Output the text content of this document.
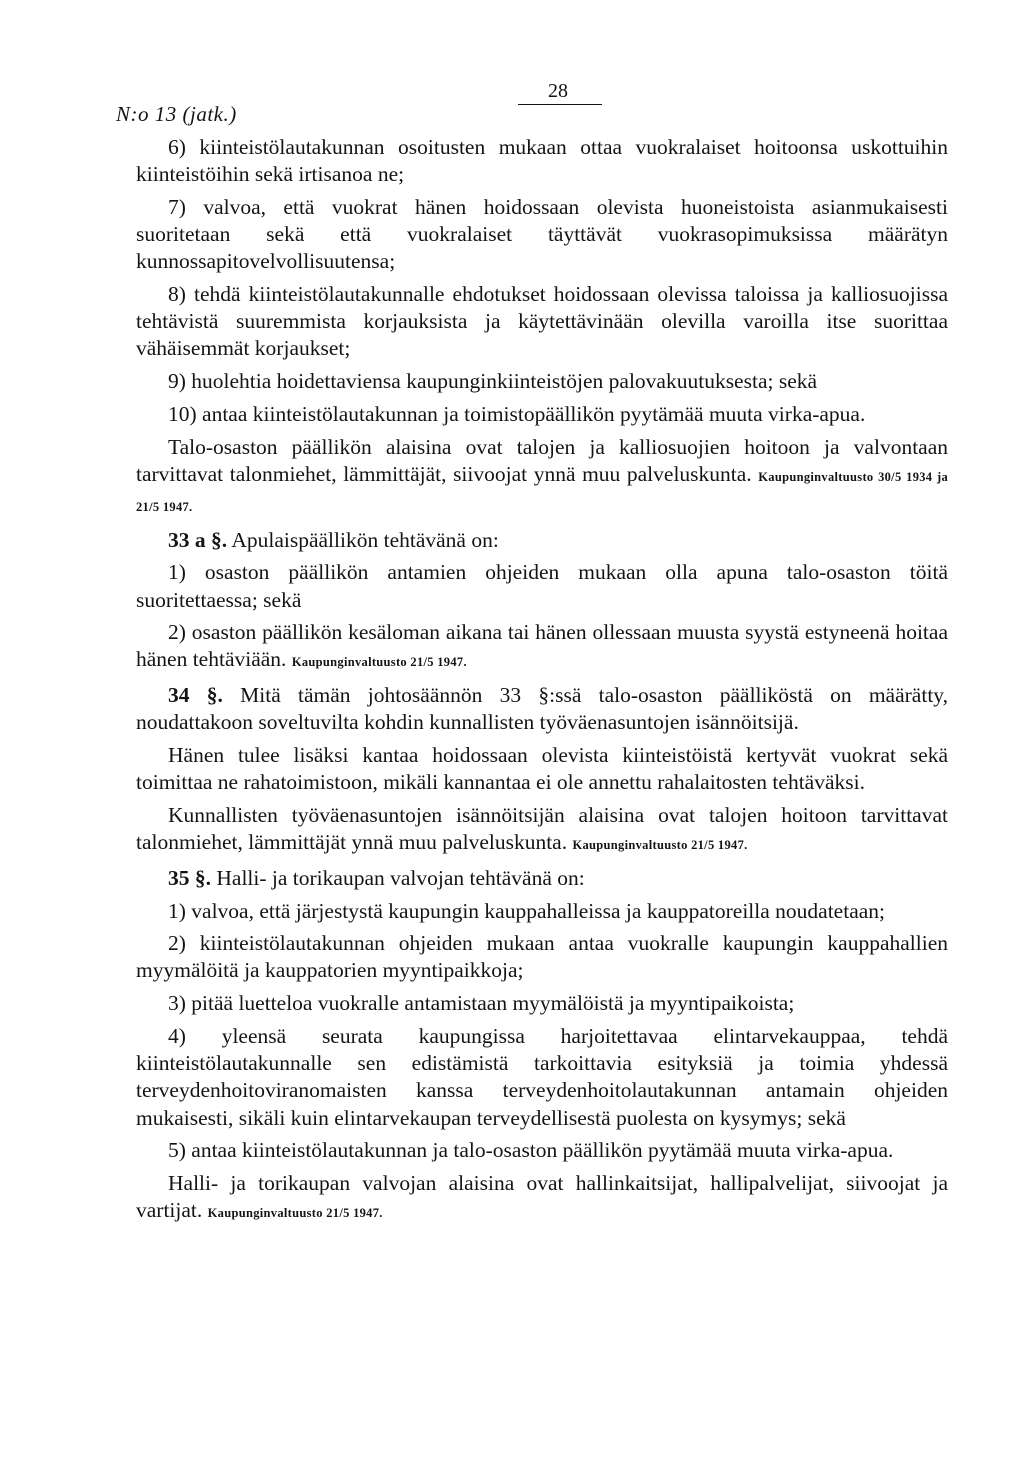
N:o 13 (jatk.)
28

6) kiinteistölautakunnan osoitusten mukaan ottaa vuokralaiset hoitoonsa uskottuihin kiinteistöihin sekä irtisanoa ne;

7) valvoa, että vuokrat hänen hoidossaan olevista huoneistoista asianmukaisesti suoritetaan sekä että vuokralaiset täyttävät vuokrasopimuksissa määrätyn kunnossapitovelvollisuutensa;

8) tehdä kiinteistölautakunnalle ehdotukset hoidossaan olevissa taloissa ja kalliosuojissa tehtävistä suuremmista korjauksista ja käytettävinään olevilla varoilla itse suorittaa vähäisemmät korjaukset;

9) huolehtia hoidettaviensa kaupunginkiinteistöjen palovakuutuksesta; sekä

10) antaa kiinteistölautakunnan ja toimistopäällikön pyytämää muuta virka-apua.

Talo-osaston päällikön alaisina ovat talojen ja kalliosuojien hoitoon ja valvontaan tarvittavat talonmiehet, lämmittäjät, siivoojat ynnä muu palveluskunta. Kaupunginvaltuusto 30/5 1934 ja 21/5 1947.

33 a §. Apulaispäällikön tehtävänä on:

1) osaston päällikön antamien ohjeiden mukaan olla apuna talo-osaston töitä suoritettaessa; sekä

2) osaston päällikön kesäloman aikana tai hänen ollessaan muusta syystä estyneenä hoitaa hänen tehtäviään. Kaupunginvaltuusto 21/5 1947.

34 §. Mitä tämän johtosäännön 33 §:ssä talo-osaston päälliköstä on määrätty, noudattakoon soveltuvilta kohdin kunnallisten työväenasuntojen isännöitsijä.

Hänen tulee lisäksi kantaa hoidossaan olevista kiinteistöistä kertyvät vuokrat sekä toimittaa ne rahatoimistoon, mikäli kannantaa ei ole annettu rahalaitosten tehtäväksi.

Kunnallisten työväenasuntojen isännöitsijän alaisina ovat talojen hoitoon tarvittavat talonmiehet, lämmittäjät ynnä muu palveluskunta. Kaupunginvaltuusto 21/5 1947.

35 §. Halli- ja torikaupan valvojan tehtävänä on:

1) valvoa, että järjestystä kaupungin kauppahalleissa ja kauppatoreilla noudatetaan;

2) kiinteistölautakunnan ohjeiden mukaan antaa vuokralle kaupungin kauppahallien myymälöitä ja kauppatorien myyntipaikkoja;

3) pitää luetteloa vuokralle antamistaan myymälöistä ja myyntipaikoista;

4) yleensä seurata kaupungissa harjoitettavaa elintarvekauppaa, tehdä kiinteistölautakunnalle sen edistämistä tarkoittavia esityksiä ja toimia yhdessä terveydenhoitoviranomaisten kanssa terveydenhoitolautakunnan antamain ohjeiden mukaisesti, sikäli kuin elintarvekaupan terveydellisestä puolesta on kysymys; sekä

5) antaa kiinteistölautakunnan ja talo-osaston päällikön pyytämää muuta virka-apua.

Halli- ja torikaupan valvojan alaisina ovat hallinkaitsijat, hallipalvelijat, siivoojat ja vartijat. Kaupunginvaltuusto 21/5 1947.
